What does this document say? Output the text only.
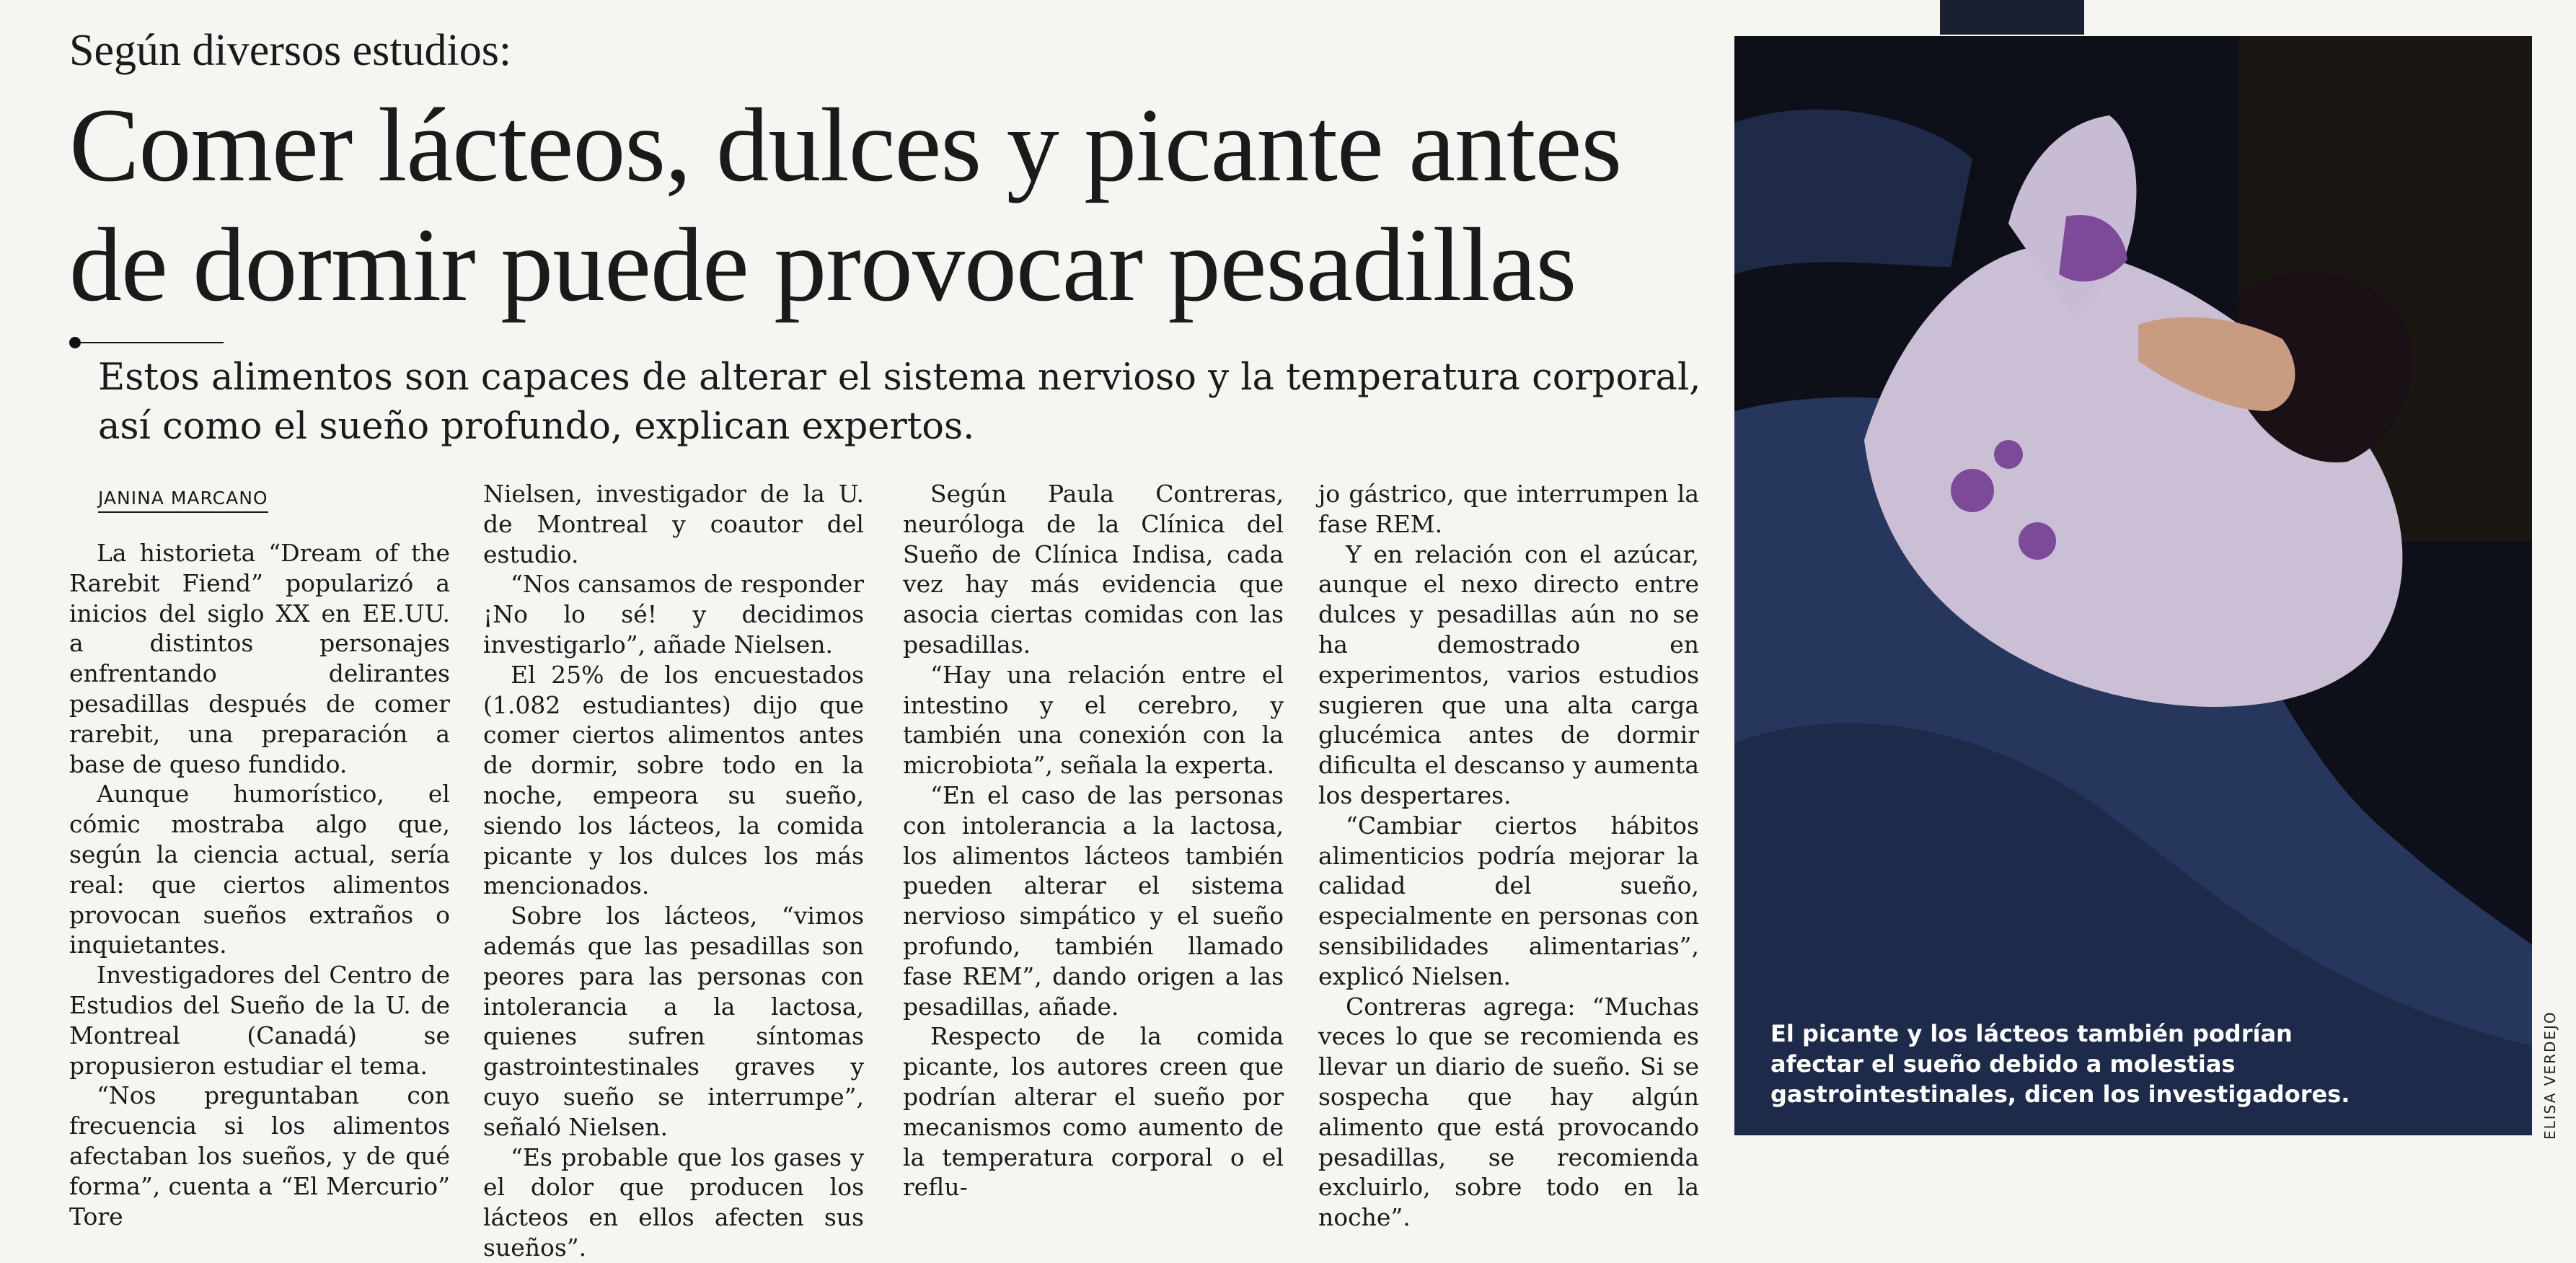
Según diversos estudios:
Comer lácteos, dulces y picante antes de dormir puede provocar pesadillas

Estos alimentos son capaces de alterar el sistema nervioso y la temperatura corporal, así como el sueño profundo, explican expertos.

JANINA MARCANO

La historieta “Dream of the Rarebit Fiend” popularizó a inicios del siglo XX en EE.UU. a distintos personajes enfrentando delirantes pesadillas después de comer rarebit, una preparación a base de queso fundido.

Aunque humorístico, el cómic mostraba algo que, según la ciencia actual, sería real: que ciertos alimentos provocan sueños extraños o inquietantes.

Investigadores del Centro de Estudios del Sueño de la U. de Montreal (Canadá) se propusieron estudiar el tema.

“Nos preguntaban con frecuencia si los alimentos afectaban los sueños, y de qué forma”, cuenta a “El Mercurio” Tore

Nielsen, investigador de la U. de Montreal y coautor del estudio.

“Nos cansamos de responder ¡No lo sé! y decidimos investigarlo”, añade Nielsen.

El 25% de los encuestados (1.082 estudiantes) dijo que comer ciertos alimentos antes de dormir, sobre todo en la noche, empeora su sueño, siendo los lácteos, la comida picante y los dulces los más mencionados.

Sobre los lácteos, “vimos además que las pesadillas son peores para las personas con intolerancia a la lactosa, quienes sufren síntomas gastrointestinales graves y cuyo sueño se interrumpe”, señaló Nielsen.

“Es probable que los gases y el dolor que producen los lácteos en ellos afecten sus sueños”.

Según Paula Contreras, neuróloga de la Clínica del Sueño de Clínica Indisa, cada vez hay más evidencia que asocia ciertas comidas con las pesadillas.

“Hay una relación entre el intestino y el cerebro, y también una conexión con la microbiota”, señala la experta.

“En el caso de las personas con intolerancia a la lactosa, los alimentos lácteos también pueden alterar el sistema nervioso simpático y el sueño profundo, también llamado fase REM”, dando origen a las pesadillas, añade.

Respecto de la comida picante, los autores creen que podrían alterar el sueño por mecanismos como aumento de la temperatura corporal o el reflu-

jo gástrico, que interrumpen la fase REM.

Y en relación con el azúcar, aunque el nexo directo entre dulces y pesadillas aún no se ha demostrado en experimentos, varios estudios sugieren que una alta carga glucémica antes de dormir dificulta el descanso y aumenta los despertares.

“Cambiar ciertos hábitos alimenticios podría mejorar la calidad del sueño, especialmente en personas con sensibilidades alimentarias”, explicó Nielsen.

Contreras agrega: “Muchas veces lo que se recomienda es llevar un diario de sueño. Si se sospecha que hay algún alimento que está provocando pesadillas, se recomienda excluirlo, sobre todo en la noche”.

El picante y los lácteos también podrían afectar el sueño debido a molestias gastrointestinales, dicen los investigadores.	ELISA VERDEJO
